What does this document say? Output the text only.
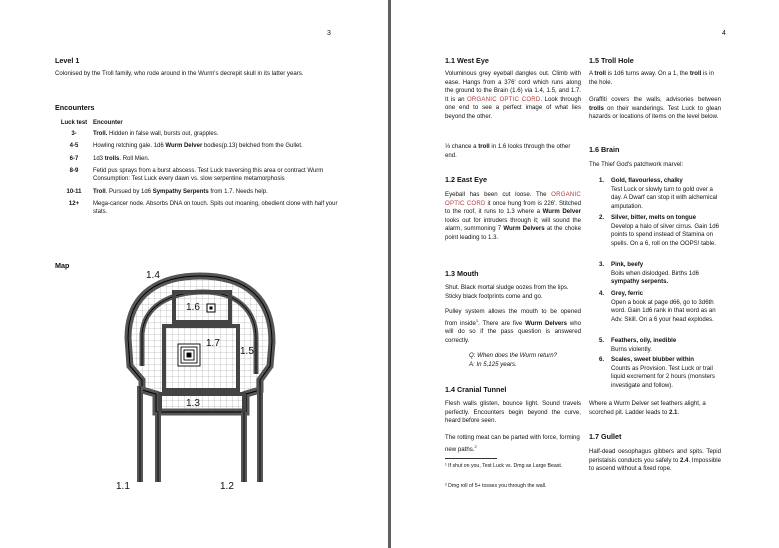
3
Level 1
Colonised by the Troll family, who rode around in the Wurm's decrepit skull in its latter years.
Encounters
Luck test	Encounter
3-	Troll. Hidden in false wall, bursts out, grapples.
4-5	Howling retching gale. 1d6 Wurm Delver bodies(p.13) belched from the Gullet.
6-7	1d3 trolls. Roll Mien.
8-9	Fetid pus sprays from a burst abscess. Test Luck traversing this area or contract Wurm Consumption: Test Luck every dawn vs. slow serpentine metamorphosis
10-11	Troll. Pursued by 1d6 Sympathy Serpents from 1.7. Needs help.
12+	Mega-cancer node. Absorbs DNA on touch. Spits out moaning, obedient clone with half your stats.
Map
1.4
1.6
1.7
1.5
1.3
1.1	1.2
4
1.1 West Eye
Voluminous grey eyeball dangles out. Climb with ease. Hangs from a 376' cord which runs along the ground to the Brain (1.6) via 1.4, 1.5, and 1.7. It is an ORGANIC OPTIC CORD. Look through one end to see a perfect image of what lies beyond the other.
⅓ chance a troll in 1.6 looks through the other end.
1.2 East Eye
Eyeball has been cut loose. The ORGANIC OPTIC CORD it once hung from is 226'. Stitched to the roof, it runs to 1.3 where a Wurm Delver looks out for intruders through it; will sound the alarm, summoning 7 Wurm Delvers at the choke point leading to 1.3.
1.3 Mouth
Shut. Black mortal sludge oozes from the lips. Sticky black footprints come and go.
Pulley system allows the mouth to be opened from inside$^1$. There are five Wurm Delvers who will do so if the pass question is answered correctly.
Q: When does the Wurm return?
A: In 5,125 years.
1.4 Cranial Tunnel
Flesh walls glisten, bounce light. Sound travels perfectly. Encounters begin beyond the curve, heard before seen.
The rotting meat can be parted with force, forming new paths.$^2$
¹ If shut on you, Test Luck vs. Dmg as Large Beast.
² Dmg roll of 5+ tosses you through the wall.
1.5 Troll Hole
A troll is 1d6 turns away. On a 1, the troll is in the hole.
Graffiti covers the walls, advisories between trolls on their wanderings. Test Luck to glean hazards or locations of items on the level below.
1.6 Brain
The Thief God's patchwork marvel:
1. Gold, flavourless, chalky
Test Luck or slowly turn to gold over a day. A Dwarf can stop it with alchemical amputation.
2. Silver, bitter, melts on tongue
Develop a halo of silver cirrus. Gain 1d6 points to spend instead of Stamina on spells. On a 6, roll on the OOPS! table.
3. Pink, beefy
Boils when dislodged. Births 1d6 sympathy serpents.
4. Grey, ferric
Open a book at page d66, go to 3d6th word. Gain 1d6 rank in that word as an Adv. Skill. On a 6 your head explodes.
5. Feathers, oily, inedible
Burns violently.
6. Scales, sweet blubber within
Counts as Provision. Test Luck or trail liquid excrement for 2 hours (monsters investigate and follow).
Where a Wurm Delver set feathers alight, a scorched pit. Ladder leads to 2.1.
1.7 Gullet
Half-dead oesophagus gibbers and spits. Tepid peristalsis conducts you safely to 2.4. Impossible to ascend without a fixed rope.
